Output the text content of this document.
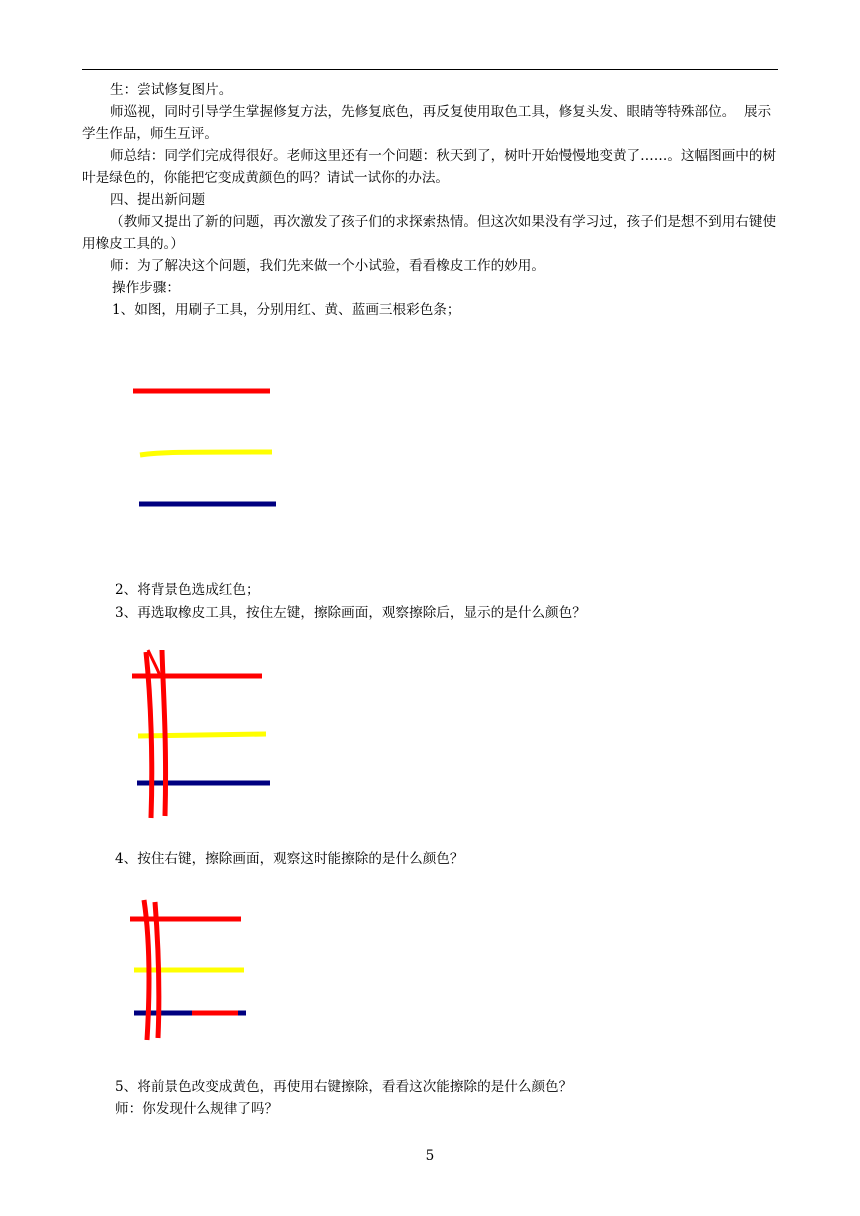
生：尝试修复图片。

师巡视，同时引导学生掌握修复方法，先修复底色，再反复使用取色工具，修复头发、眼睛等特殊部位。  展示学生作品，师生互评。

师总结：同学们完成得很好。老师这里还有一个问题：秋天到了，树叶开始慢慢地变黄了……。这幅图画中的树叶是绿色的，你能把它变成黄颜色的吗？请试一试你的办法。

四、提出新问题

（教师又提出了新的问题，再次激发了孩子们的求探索热情。但这次如果没有学习过，孩子们是想不到用右键使用橡皮工具的。）

师：为了解决这个问题，我们先来做一个小试验，看看橡皮工作的妙用。

操作步骤：

1、如图，用刷子工具，分别用红、黄、蓝画三根彩色条；

2、将背景色选成红色；

3、再选取橡皮工具，按住左键，擦除画面，观察擦除后，显示的是什么颜色？

4、按住右键，擦除画面，观察这时能擦除的是什么颜色？

5、将前景色改变成黄色，再使用右键擦除，看看这次能擦除的是什么颜色？

师：你发现什么规律了吗？

5
